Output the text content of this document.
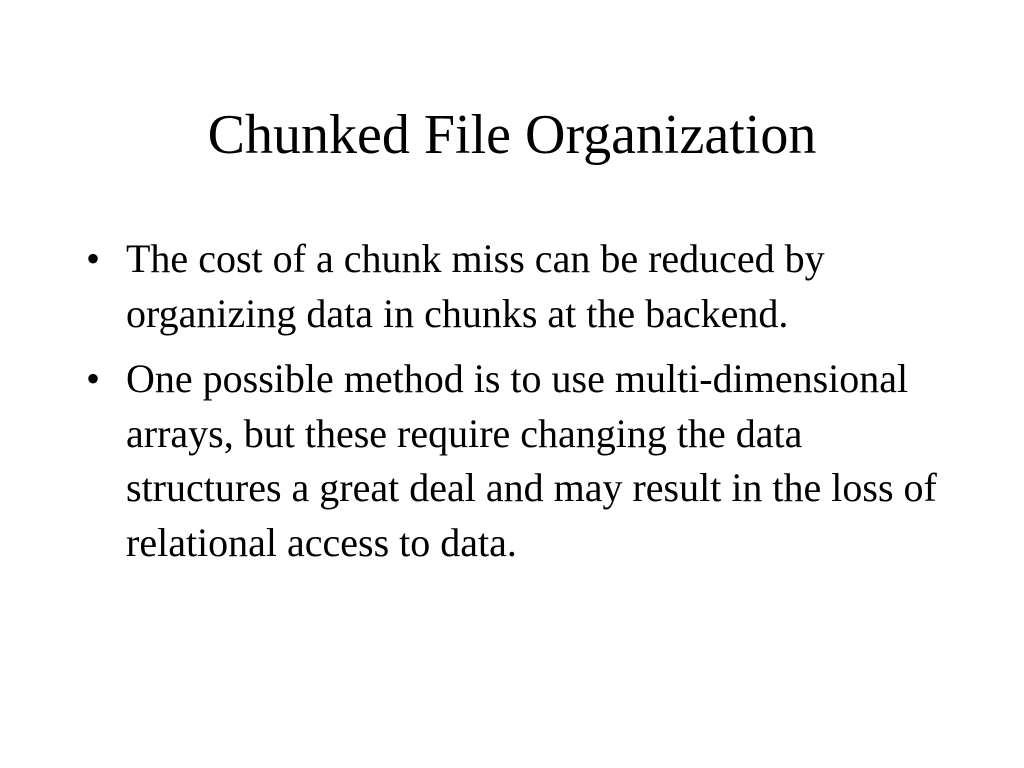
Chunked File Organization
• The cost of a chunk miss can be reduced by organizing data in chunks at the backend.
• One possible method is to use multi-dimensional arrays, but these require changing the data structures a great deal and may result in the loss of relational access to data.
